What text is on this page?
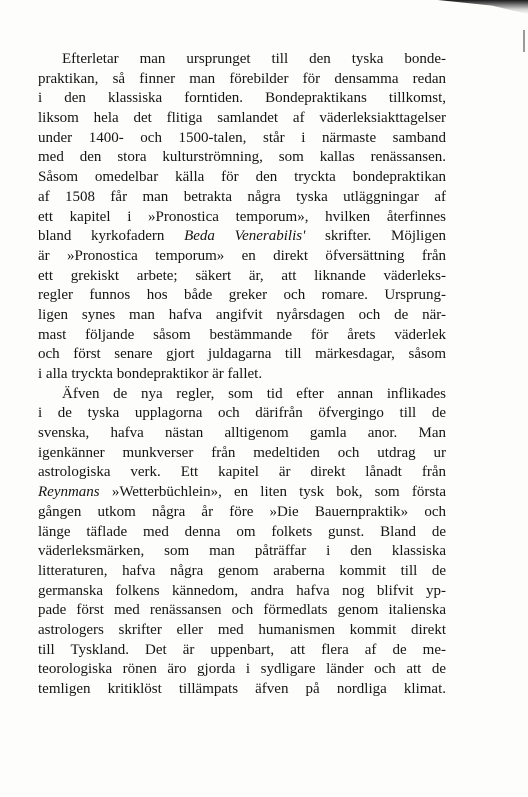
Efterletar man ursprunget till den tyska bonde-
praktikan, så finner man förebilder för densamma redan
i den klassiska forntiden. Bondepraktikans tillkomst,
liksom hela det flitiga samlandet af väderleksiakttagelser
under 1400- och 1500-talen, står i närmaste samband
med den stora kulturströmning, som kallas renässansen.
Såsom omedelbar källa för den tryckta bondepraktikan
af 1508 får man betrakta några tyska utläggningar af
ett kapitel i »Pronostica temporum», hvilken återfinnes
bland kyrkofadern Beda Venerabilis' skrifter. Möjligen
är »Pronostica temporum» en direkt öfversättning från
ett grekiskt arbete; säkert är, att liknande väderleks-
regler funnos hos både greker och romare. Ursprung-
ligen synes man hafva angifvit nyårsdagen och de när-
mast följande såsom bestämmande för årets väderlek
och först senare gjort juldagarna till märkesdagar, såsom
i alla tryckta bondepraktikor är fallet.
Äfven de nya regler, som tid efter annan inflikades
i de tyska upplagorna och därifrån öfvergingo till de
svenska, hafva nästan alltigenom gamla anor. Man
igenkänner munkverser från medeltiden och utdrag ur
astrologiska verk. Ett kapitel är direkt lånadt från
Reynmans »Wetterbüchlein», en liten tysk bok, som första
gången utkom några år före »Die Bauernpraktik» och
länge täflade med denna om folkets gunst. Bland de
väderleksmärken, som man påträffar i den klassiska
litteraturen, hafva några genom araberna kommit till de
germanska folkens kännedom, andra hafva nog blifvit yp-
pade först med renässansen och förmedlats genom italienska
astrologers skrifter eller med humanismen kommit direkt
till Tyskland. Det är uppenbart, att flera af de me-
teorologiska rönen äro gjorda i sydligare länder och att de
temligen kritiklöst tillämpats äfven på nordliga klimat.
